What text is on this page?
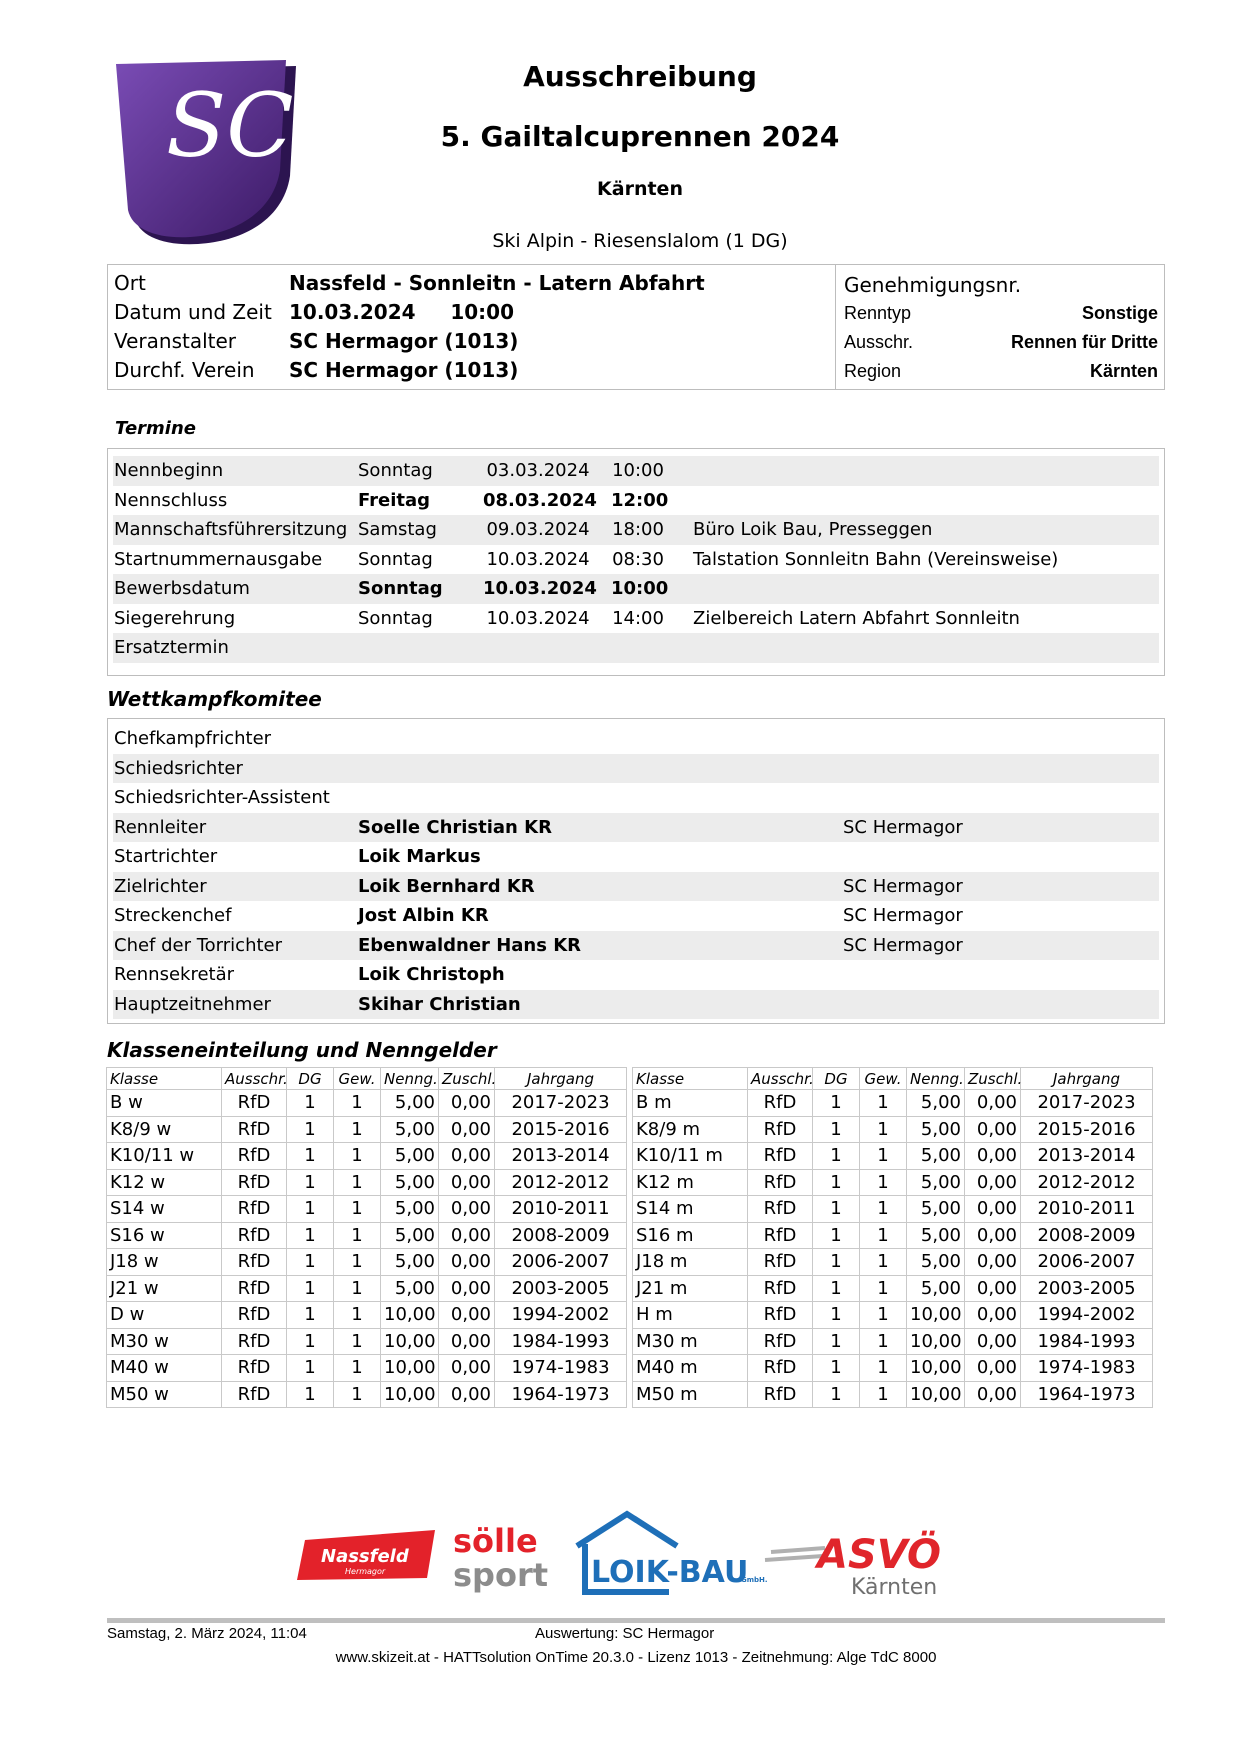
SCH	Ausschreibung
5. Gailtalcuprennen 2024
Kärnten
Ski Alpin - Riesenslalom (1 DG)
Ort	Nassfeld - Sonnleitn - Latern Abfahrt
Datum und Zeit 10.03.2024     10:00
Veranstalter	SC Hermagor (1013)
Durchf. Verein	SC Hermagor (1013)
Genehmigungsnr.
Renntyp	Sonstige
Ausschr.	Rennen für Dritte
Region	Kärnten
Termine
Nennbeginn	Sonntag	03.03.2024 10:00
Nennschluss	Freitag	08.03.2024 12:00
Mannschaftsführersitzung Samstag	09.03.2024 18:00 Büro Loik Bau, Presseggen
Startnummernausgabe Sonntag	10.03.2024 08:30 Talstation Sonnleitn Bahn (Vereinsweise)
Bewerbsdatum	Sonntag 10.03.2024 10:00
Siegerehrung	Sonntag	10.03.2024 14:00 Zielbereich Latern Abfahrt Sonnleitn
Ersatztermin
Wettkampfkomitee
Chefkampfrichter
Schiedsrichter
Schiedsrichter-Assistent
Rennleiter	Soelle Christian KR	SC Hermagor
Startrichter	Loik Markus
Zielrichter	Loik Bernhard KR	SC Hermagor
Streckenchef	Jost Albin KR	SC Hermagor
Chef der Torrichter	Ebenwaldner Hans KR	SC Hermagor
Rennsekretär	Loik Christoph
Hauptzeitnehmer	Skihar Christian
Klasseneinteilung und Nenngelder
Klasse	Ausschr.	DG	Gew.	Nenng.	Zuschl.	Jahrgang
B w	RfD	1	1	5,00	0,00	2017-2023
K8/9 w	RfD	1	1	5,00	0,00	2015-2016
K10/11 w	RfD	1	1	5,00	0,00	2013-2014
K12 w	RfD	1	1	5,00	0,00	2012-2012
S14 w	RfD	1	1	5,00	0,00	2010-2011
S16 w	RfD	1	1	5,00	0,00	2008-2009
J18 w	RfD	1	1	5,00	0,00	2006-2007
J21 w	RfD	1	1	5,00	0,00	2003-2005
D w	RfD	1	1	10,00	0,00	1994-2002
M30 w	RfD	1	1	10,00	0,00	1984-1993
M40 w	RfD	1	1	10,00	0,00	1974-1983
M50 w	RfD	1	1	10,00	0,00	1964-1973
Klasse	Ausschr.	DG	Gew.	Nenng.	Zuschl.	Jahrgang
B m	RfD	1	1	5,00	0,00	2017-2023
K8/9 m	RfD	1	1	5,00	0,00	2015-2016
K10/11 m	RfD	1	1	5,00	0,00	2013-2014
K12 m	RfD	1	1	5,00	0,00	2012-2012
S14 m	RfD	1	1	5,00	0,00	2010-2011
S16 m	RfD	1	1	5,00	0,00	2008-2009
J18 m	RfD	1	1	5,00	0,00	2006-2007
J21 m	RfD	1	1	5,00	0,00	2003-2005
H m	RfD	1	1	10,00	0,00	1994-2002
M30 m	RfD	1	1	10,00	0,00	1984-1993
M40 m	RfD	1	1	10,00	0,00	1974-1983
M50 m	RfD	1	1	10,00	0,00	1964-1973
Nassfeld
Hermagor
sölle
sport LOIK-BAU
GmbH.
ASVÖ
Kärnten
Samstag, 2. März 2024, 11:04	Auswertung: SC Hermagor
www.skizeit.at - HATTsolution OnTime 20.3.0 - Lizenz 1013 - Zeitnehmung: Alge TdC 8000
